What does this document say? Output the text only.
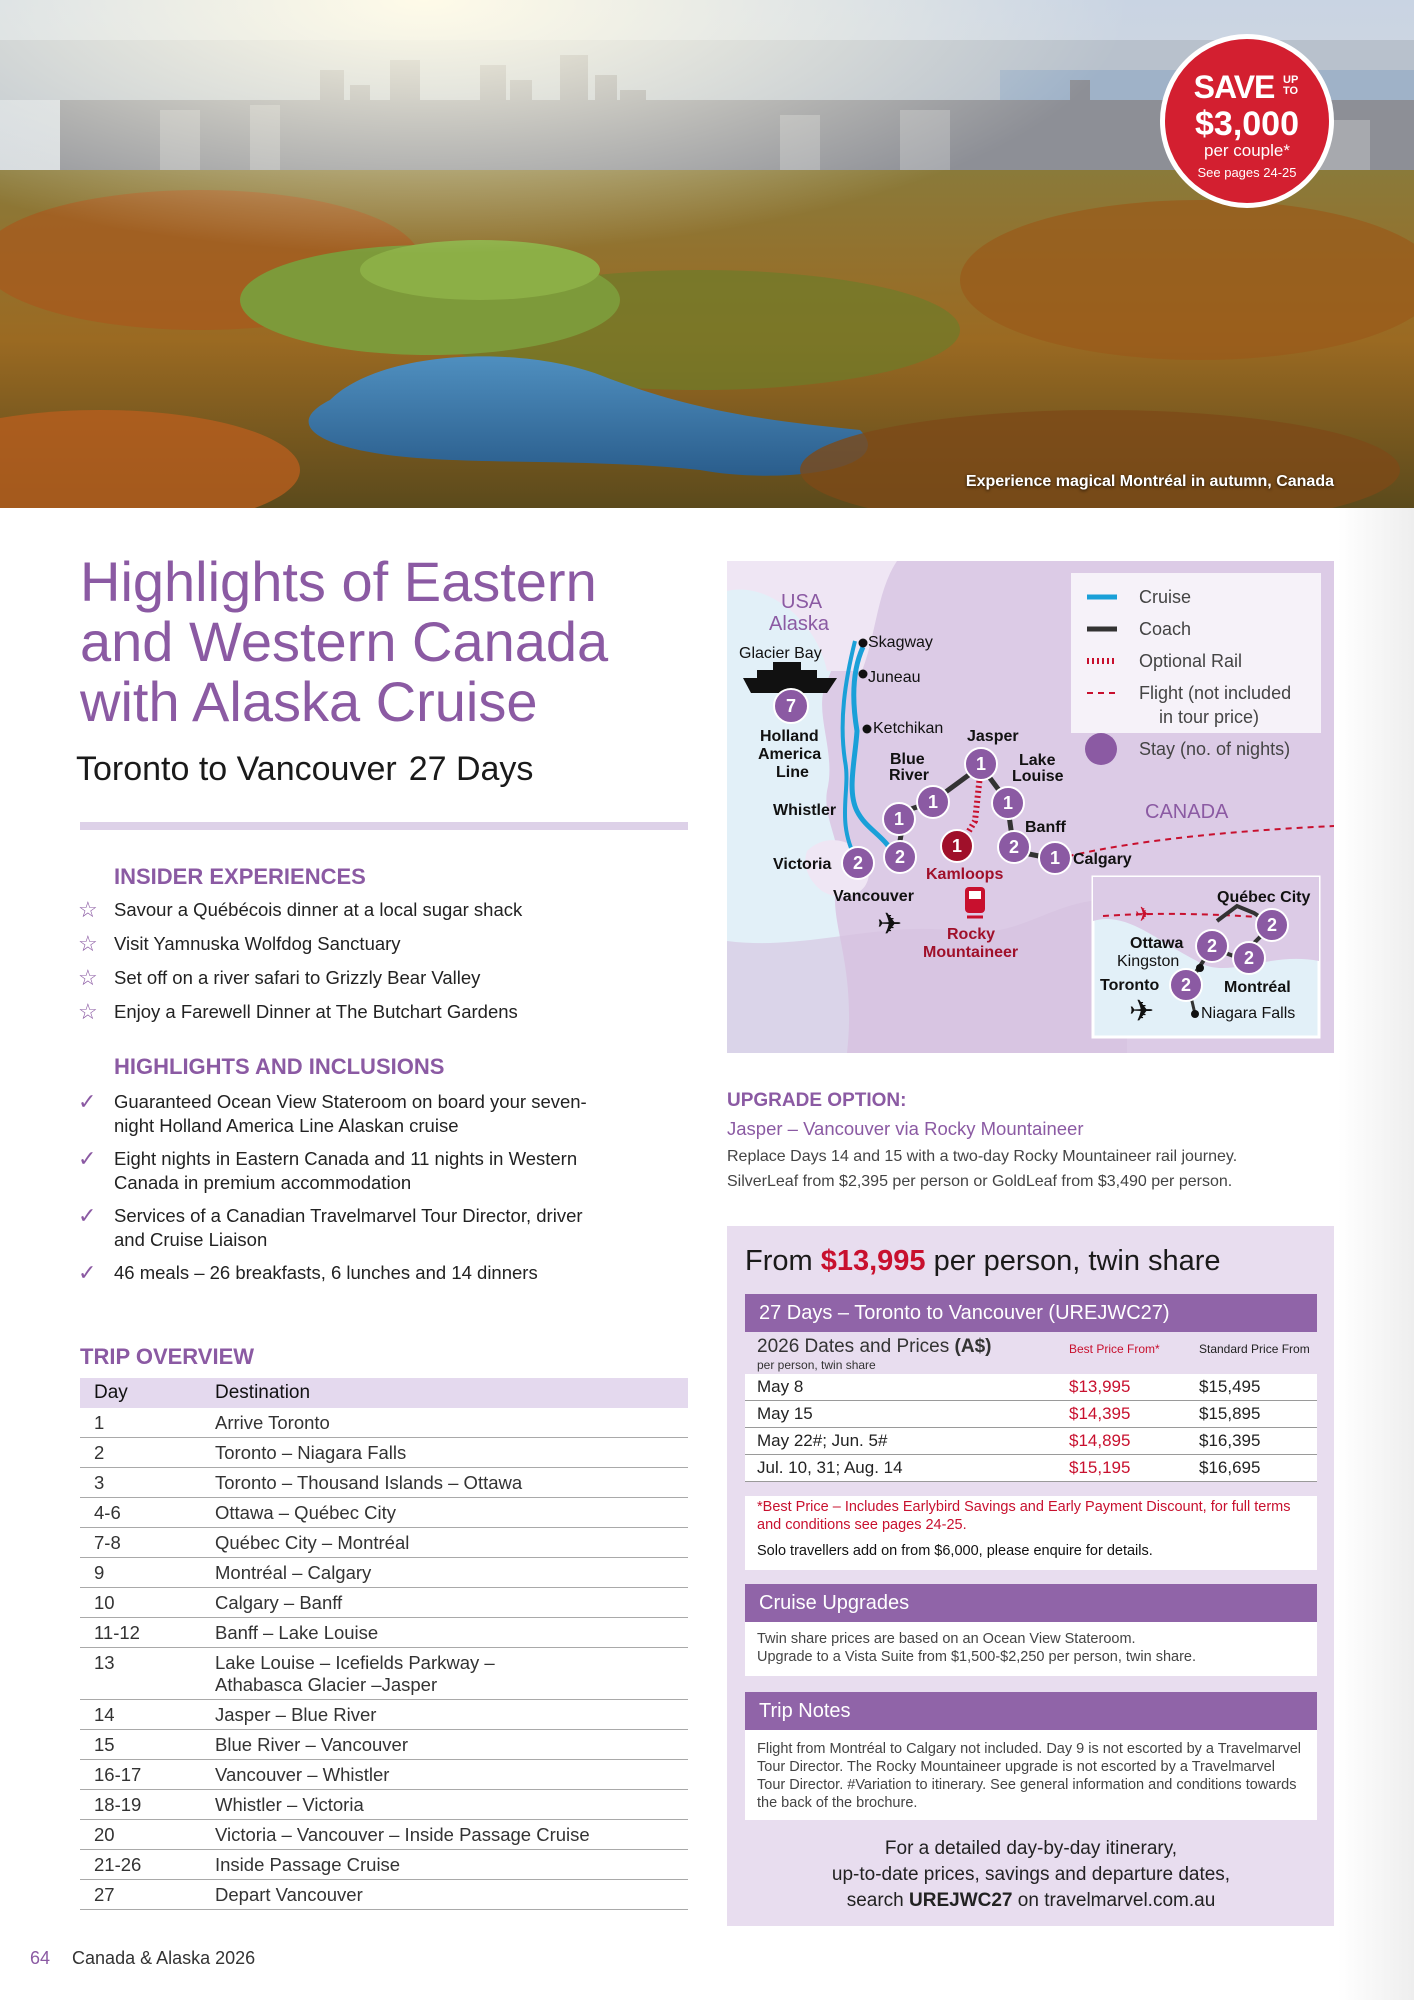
Experience magical Montréal in autumn, Canada
SAVE UP TO
$3,000
per couple*
See pages 24-25
Highlights of Eastern and Western Canada with Alaska Cruise
Toronto to Vancouver 27 Days
INSIDER EXPERIENCES
☆ Savour a Québécois dinner at a local sugar shack
☆ Visit Yamnuska Wolfdog Sanctuary
☆ Set off on a river safari to Grizzly Bear Valley
☆ Enjoy a Farewell Dinner at The Butchart Gardens
HIGHLIGHTS AND INCLUSIONS
✓ Guaranteed Ocean View Stateroom on board your seven-night Holland America Line Alaskan cruise
✓ Eight nights in Eastern Canada and 11 nights in Western Canada in premium accommodation
✓ Services of a Canadian Travelmarvel Tour Director, driver and Cruise Liaison
✓ 46 meals – 26 breakfasts, 6 lunches and 14 dinners
TRIP OVERVIEW
Day	Destination
1	Arrive Toronto
2	Toronto – Niagara Falls
3	Toronto – Thousand Islands – Ottawa
4-6	Ottawa – Québec City
7-8	Québec City – Montréal
9	Montréal – Calgary
10	Calgary – Banff
11-12	Banff – Lake Louise
13	Lake Louise – Icefields Parkway – Athabasca Glacier –Jasper
14	Jasper – Blue River
15	Blue River – Vancouver
16-17	Vancouver – Whistler
18-19	Whistler – Victoria
20	Victoria – Vancouver – Inside Passage Cruise
21-26	Inside Passage Cruise
27	Depart Vancouver
64 Canada & Alaska 2026
✈
✈
✈
7
1
1
1
1
2
2
2
1
1
2
2
2
2
USA
Alaska
CANADA
Skagway
Glacier Bay
Juneau
Ketchikan
Holland
America
Line
Jasper
Blue
River
Lake
Louise
Whistler
Banff
Victoria	Calgary
Vancouver	Québec City
Ottawa
Toronto	Montréal
Kamloops
Rocky
Mountaineer
Kingston
Niagara Falls
Cruise
Coach
Optional Rail
Flight (not included
in tour price)
Stay (no. of nights)
UPGRADE OPTION:
Jasper – Vancouver via Rocky Mountaineer
Replace Days 14 and 15 with a two-day Rocky Mountaineer rail journey.
SilverLeaf from $2,395 per person or GoldLeaf from $3,490 per person.
From $13,995 per person, twin share
27 Days – Toronto to Vancouver (UREJWC27)
2026 Dates and Prices (A$)
per person, twin share	Best Price From*	Standard Price From
May 8	$13,995	$15,495
May 15	$14,395	$15,895
May 22#; Jun. 5#	$14,895	$16,395
Jul. 10, 31; Aug. 14	$15,195	$16,695
*Best Price – Includes Earlybird Savings and Early Payment Discount, for full terms and conditions see pages 24-25.
Solo travellers add on from $6,000, please enquire for details.
Cruise Upgrades
Twin share prices are based on an Ocean View Stateroom.
Upgrade to a Vista Suite from $1,500-$2,250 per person, twin share.
Trip Notes
Flight from Montréal to Calgary not included. Day 9 is not escorted by a Travelmarvel Tour Director. The Rocky Mountaineer upgrade is not escorted by a Travelmarvel Tour Director. #Variation to itinerary. See general information and conditions towards the back of the brochure.
For a detailed day-by-day itinerary,
up-to-date prices, savings and departure dates,
search UREJWC27 on travelmarvel.com.au
